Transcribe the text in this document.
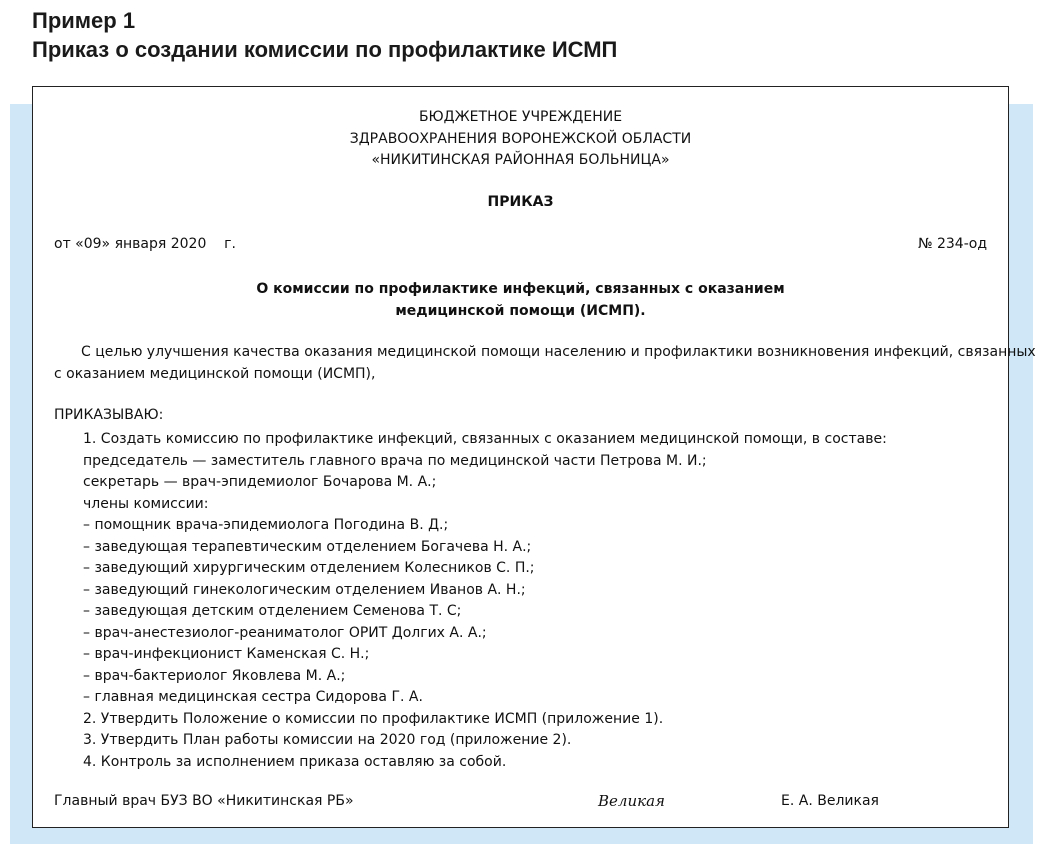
Пример 1
Приказ о создании комиссии по профилактике ИСМП
БЮДЖЕТНОЕ УЧРЕЖДЕНИЕ
ЗДРАВООХРАНЕНИЯ ВОРОНЕЖСКОЙ ОБЛАСТИ
«НИКИТИНСКАЯ РАЙОННАЯ БОЛЬНИЦА»
ПРИКАЗ
от «09» января 2020    г.	№ 234-од
О комиссии по профилактике инфекций, связанных с оказанием
медицинской помощи (ИСМП).
С целью улучшения качества оказания медицинской помощи населению и профилактики возникновения инфекций, связанных
с оказанием медицинской помощи (ИСМП),
ПРИКАЗЫВАЮ:
1. Создать комиссию по профилактике инфекций, связанных с оказанием медицинской помощи, в составе:
председатель — заместитель главного врача по медицинской части Петрова М. И.;
секретарь — врач-эпидемиолог Бочарова М. А.;
члены комиссии:
– помощник врача-эпидемиолога Погодина В. Д.;
– заведующая терапевтическим отделением Богачева Н. А.;
– заведующий хирургическим отделением Колесников С. П.;
– заведующий гинекологическим отделением Иванов А. Н.;
– заведующая детским отделением Семенова Т. С;
– врач-анестезиолог-реаниматолог ОРИТ Долгих А. А.;
– врач-инфекционист Каменская С. Н.;
– врач-бактериолог Яковлева М. А.;
– главная медицинская сестра Сидорова Г. А.
2. Утвердить Положение о комиссии по профилактике ИСМП (приложение 1).
3. Утвердить План работы комиссии на 2020 год (приложение 2).
4. Контроль за исполнением приказа оставляю за собой.
Главный врач БУЗ ВО «Никитинская РБ»	Великая	Е. А. Великая
